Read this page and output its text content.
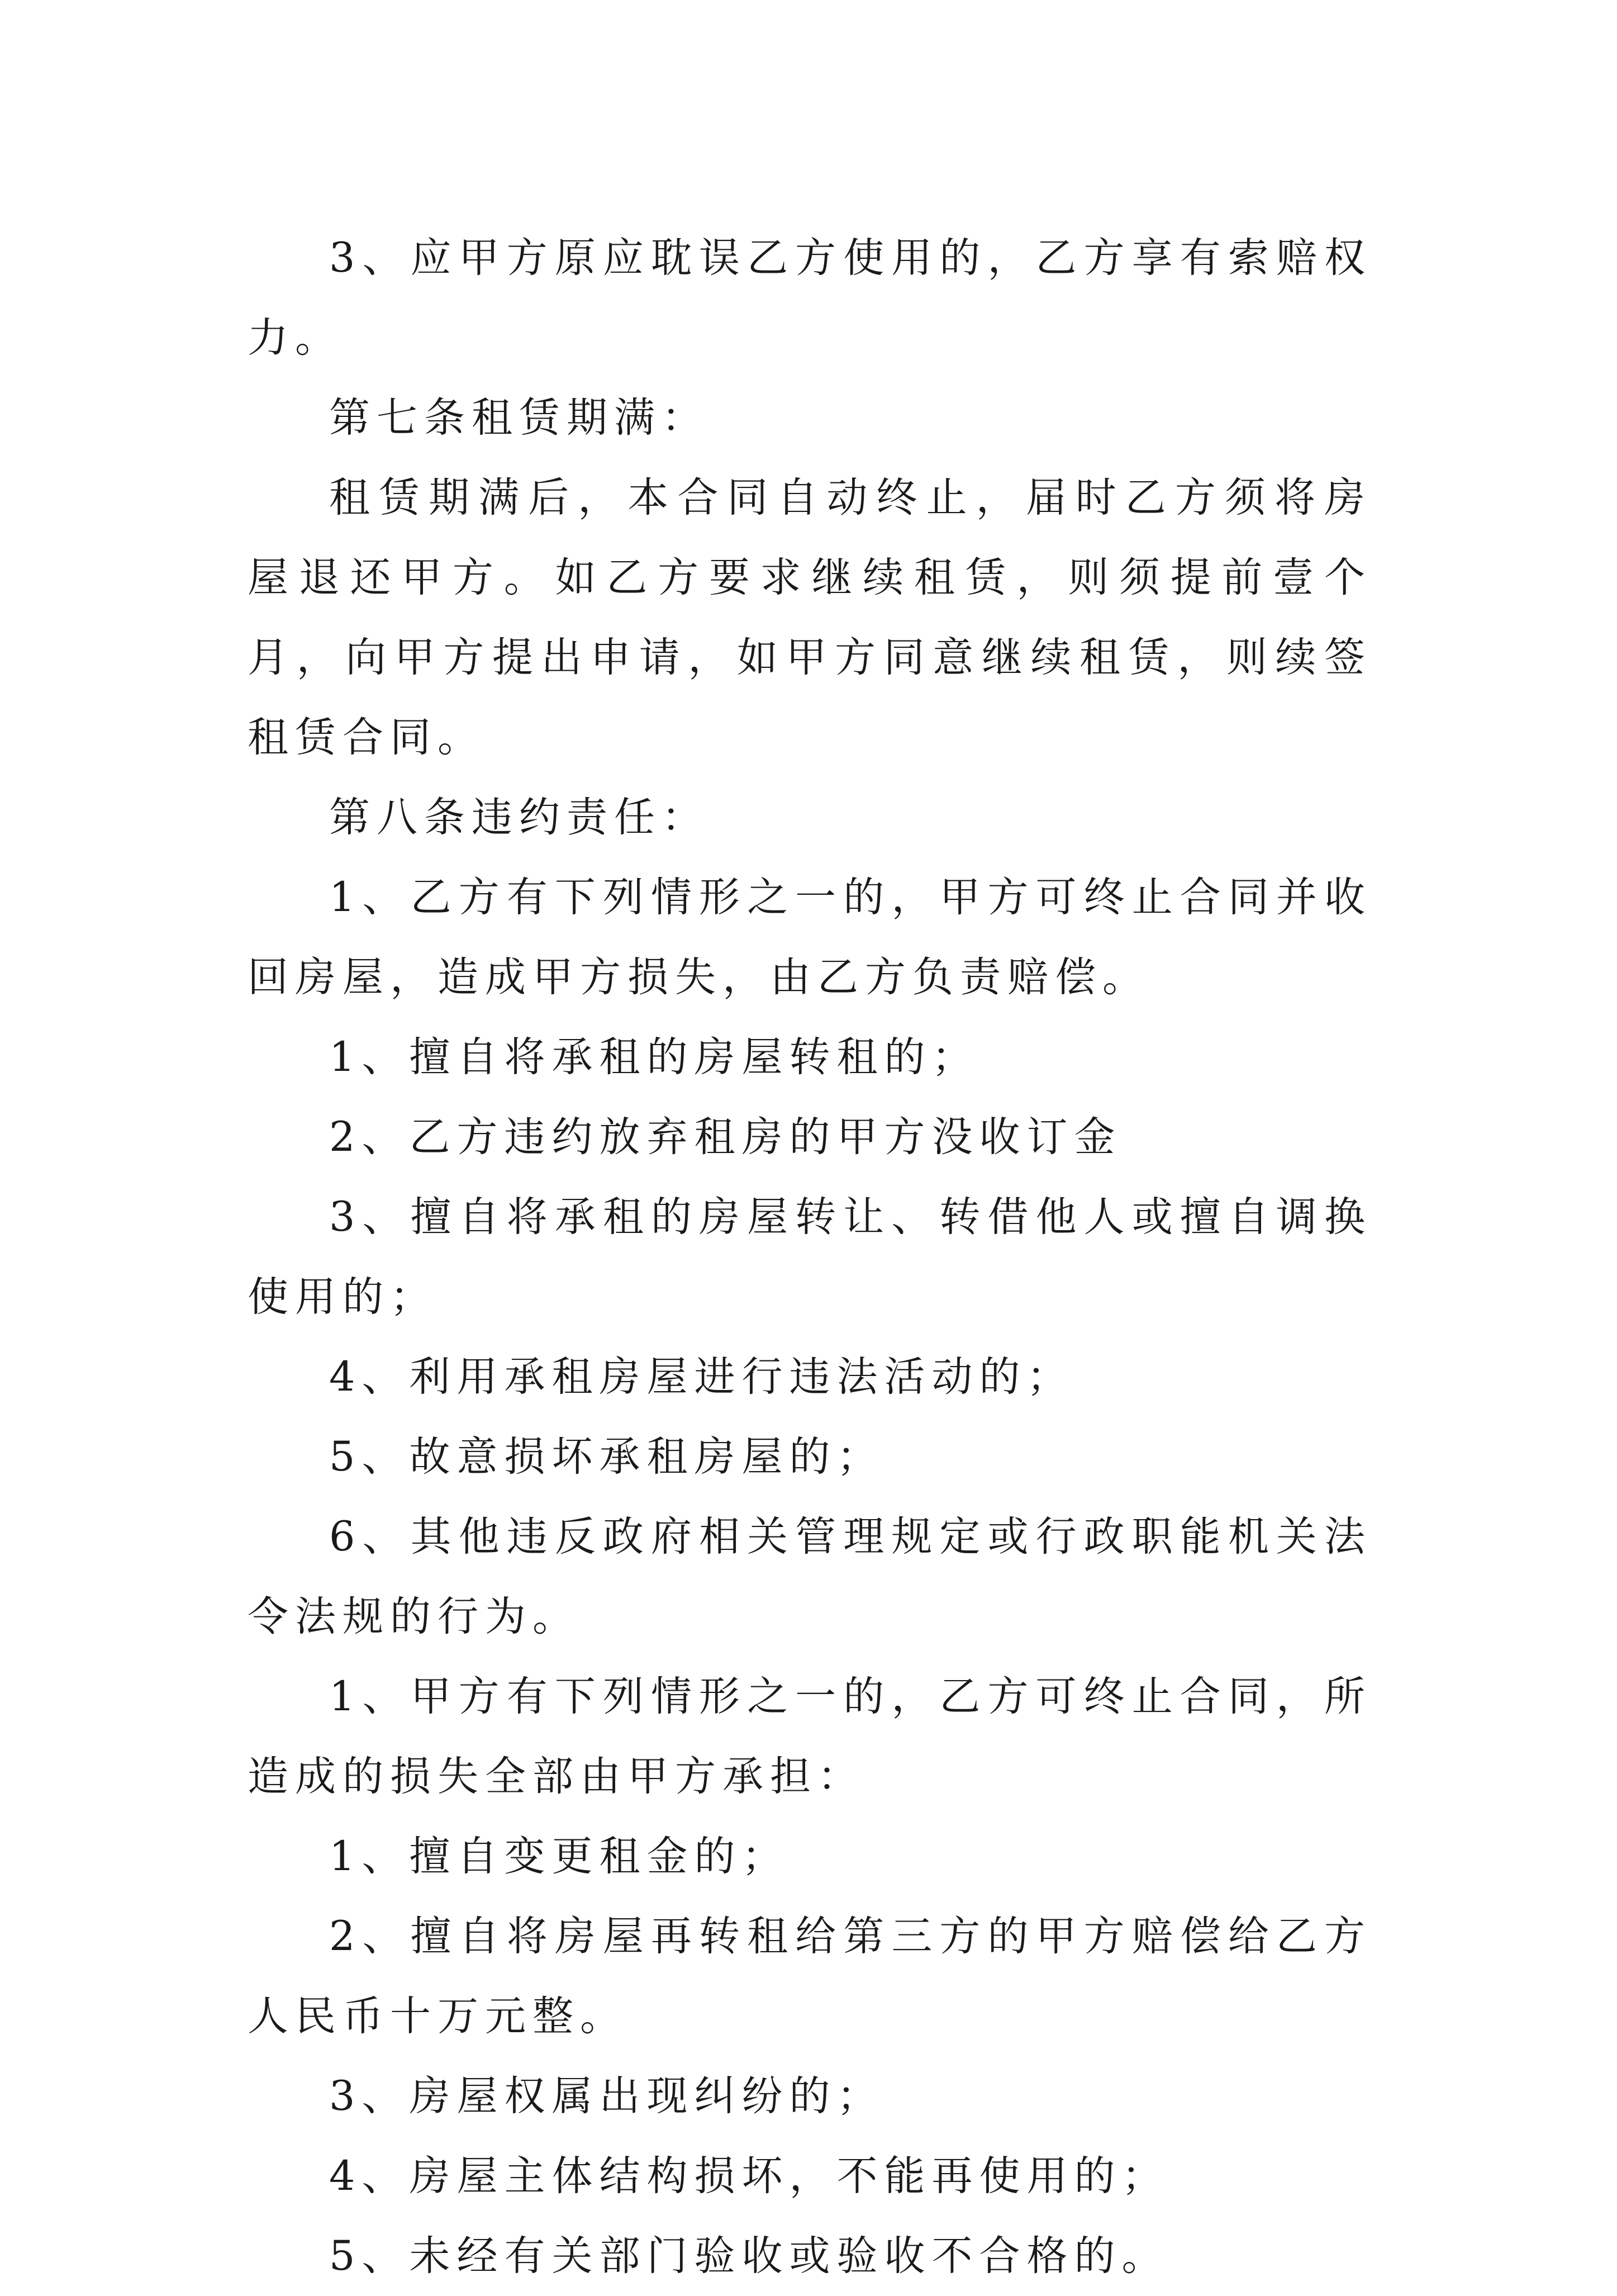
3、应甲方原应耽误乙方使用的，乙方享有索赔权力。

第七条租赁期满：

租赁期满后，本合同自动终止，届时乙方须将房屋退还甲方。如乙方要求继续租赁，则须提前壹个月，向甲方提出申请，如甲方同意继续租赁，则续签租赁合同。

第八条违约责任：

1、乙方有下列情形之一的，甲方可终止合同并收回房屋，造成甲方损失，由乙方负责赔偿。

1、擅自将承租的房屋转租的；

2、乙方违约放弃租房的甲方没收订金

3、擅自将承租的房屋转让、转借他人或擅自调换使用的；

4、利用承租房屋进行违法活动的；

5、故意损坏承租房屋的；

6、其他违反政府相关管理规定或行政职能机关法令法规的行为。

1、甲方有下列情形之一的，乙方可终止合同，所造成的损失全部由甲方承担：

1、擅自变更租金的；

2、擅自将房屋再转租给第三方的甲方赔偿给乙方人民币十万元整。

3、房屋权属出现纠纷的；

4、房屋主体结构损坏，不能再使用的；

5、未经有关部门验收或验收不合格的。
